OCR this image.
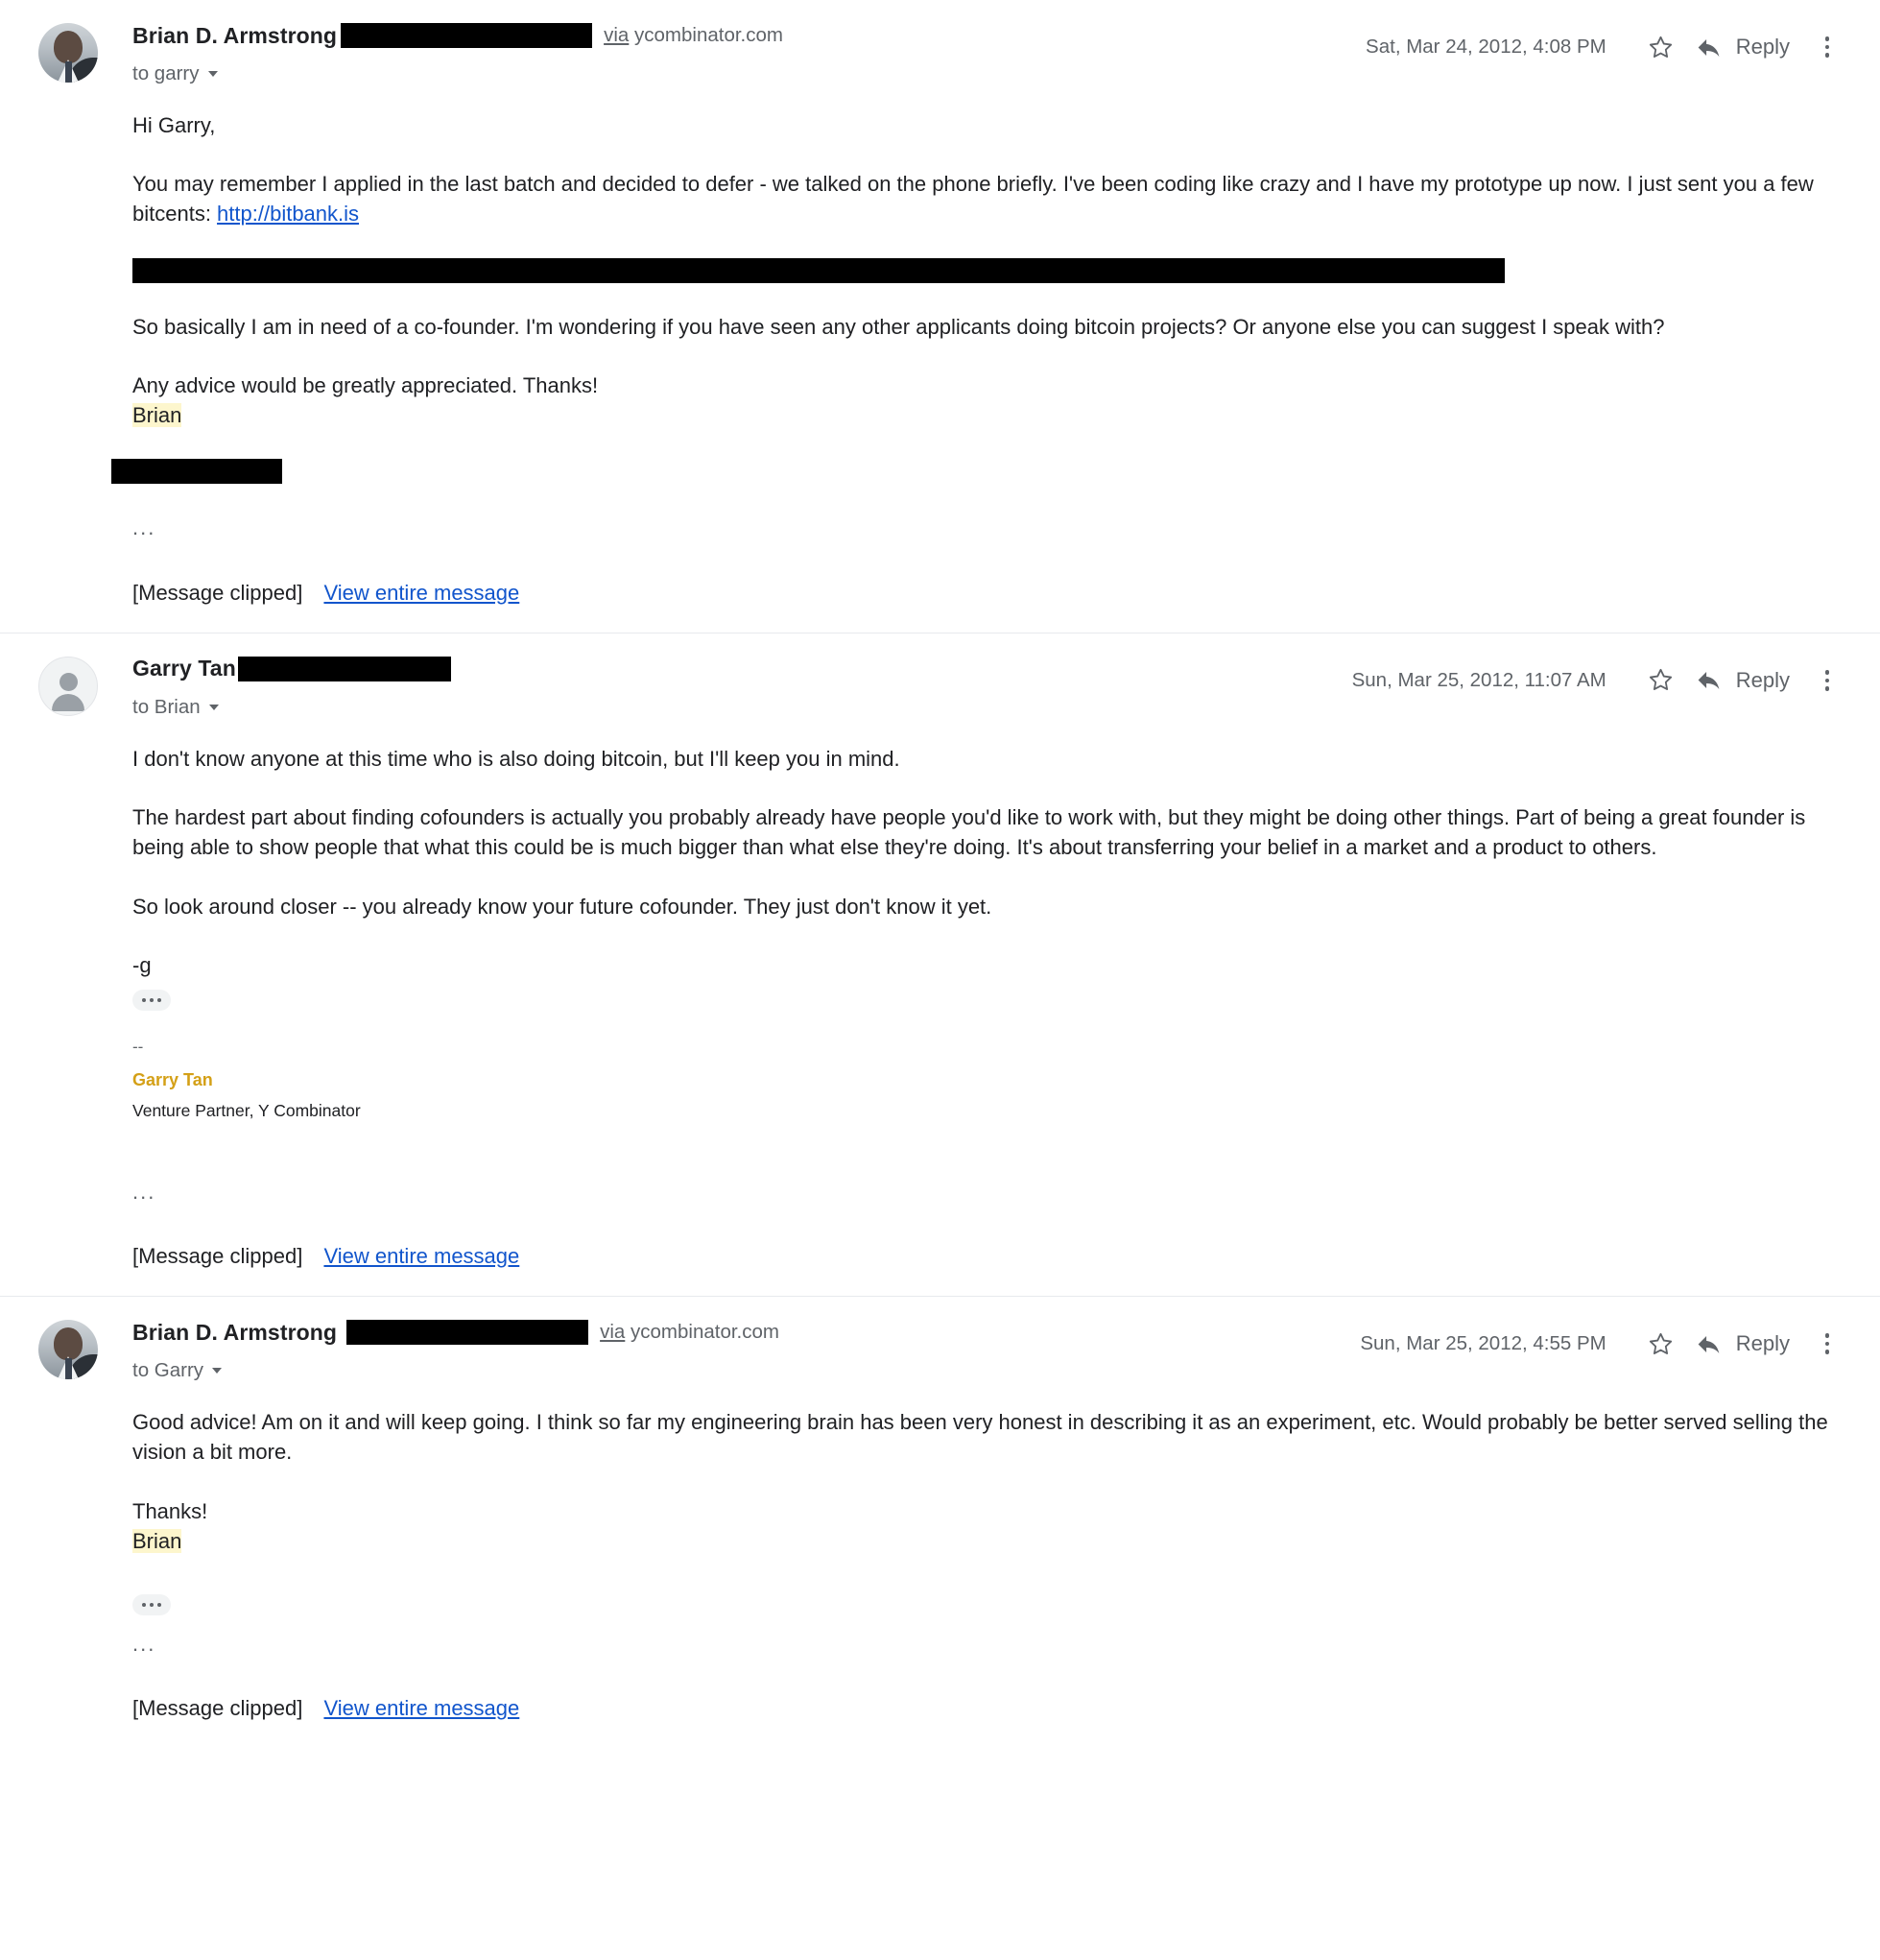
Brian D. Armstrong	via ycombinator.com
to garry
Sat, Mar 24, 2012, 4:08 PM	Reply

Hi Garry,

You may remember I applied in the last batch and decided to defer - we talked on the phone briefly. I've been coding like crazy and I have my prototype up now. I just sent you a few bitcents: http://bitbank.is

So basically I am in need of a co-founder. I'm wondering if you have seen any other applicants doing bitcoin projects? Or anyone else you can suggest I speak with?

Any advice would be greatly appreciated. Thanks!

Brian

...
[Message clipped] View entire message
Garry Tan
to Brian
Sun, Mar 25, 2012, 11:07 AM	Reply

I don't know anyone at this time who is also doing bitcoin, but I'll keep you in mind.

The hardest part about finding cofounders is actually you probably already have people you'd like to work with, but they might be doing other things. Part of being a great founder is being able to show people that what this could be is much bigger than what else they're doing. It's about transferring your belief in a market and a product to others.

So look around closer -- you already know your future cofounder. They just don't know it yet.

-g

--
Garry Tan
Venture Partner, Y Combinator
...
[Message clipped] View entire message
Brian D. Armstrong	via ycombinator.com
to Garry
Sun, Mar 25, 2012, 4:55 PM	Reply

Good advice! Am on it and will keep going. I think so far my engineering brain has been very honest in describing it as an experiment, etc. Would probably be better served selling the vision a bit more.

Thanks!

Brian

...
[Message clipped] View entire message
